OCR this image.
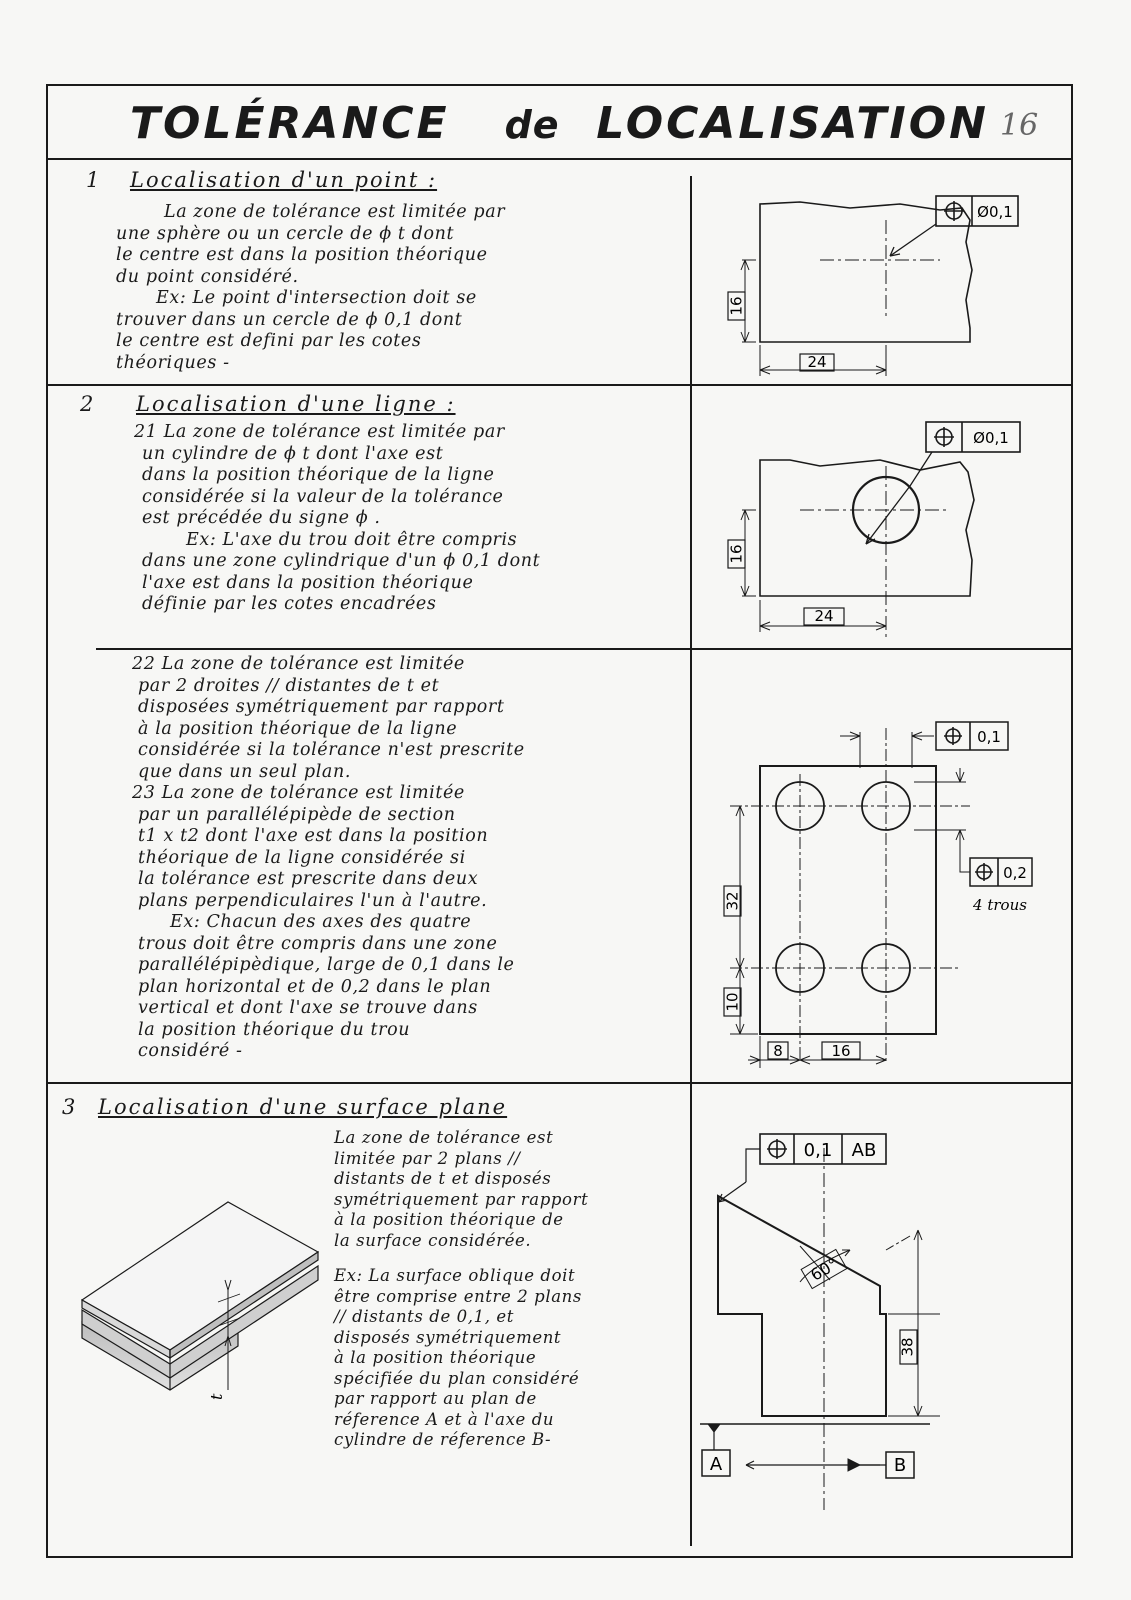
TOLÉRANCE de LOCALISATION 16
1 Localisation d'un point :

La zone de tolérance est limitée par

une sphère ou un cercle de ϕ t dont

le centre est dans la position théorique

du point considéré.

Ex: Le point d'intersection doit se

trouver dans un cercle de ϕ 0,1 dont

le centre est defini par les cotes

théoriques -

Ø0,1
16
24
2 Localisation d'une ligne :

21 La zone de tolérance est limitée par

un cylindre de ϕ t dont l'axe est

dans la position théorique de la ligne

considérée si la valeur de la tolérance

est précédée du signe ϕ .

Ex: L'axe du trou doit être compris

dans une zone cylindrique d'un ϕ 0,1 dont

l'axe est dans la position théorique

définie par les cotes encadrées

Ø0,1
16
24

22 La zone de tolérance est limitée

par 2 droites // distantes de t et

disposées symétriquement par rapport

à la position théorique de la ligne

considérée si la tolérance n'est prescrite

que dans un seul plan.

23 La zone de tolérance est limitée

par un parallélépipède de section

t1 x t2 dont l'axe est dans la position

théorique de la ligne considérée si

la tolérance est prescrite dans deux

plans perpendiculaires l'un à l'autre.

Ex: Chacun des axes des quatre

trous doit être compris dans une zone

parallélépipèdique, large de 0,1 dans le

plan horizontal et de 0,2 dans le plan

vertical et dont l'axe se trouve dans

la position théorique du trou

considéré -

0,1
0,2
4 trous
32
10
8	16
3 Localisation d'une surface plane

La zone de tolérance est

limitée par 2 plans //

distants de t et disposés

symétriquement par rapport

à la position théorique de

la surface considérée.

Ex: La surface oblique doit

être comprise entre 2 plans

// distants de 0,1, et

disposés symétriquement

à la position théorique

spécifiée du plan considéré

par rapport au plan de

réference A et à l'axe du

cylindre de réference B-

t
0,1 AB
60°
38
A	B
